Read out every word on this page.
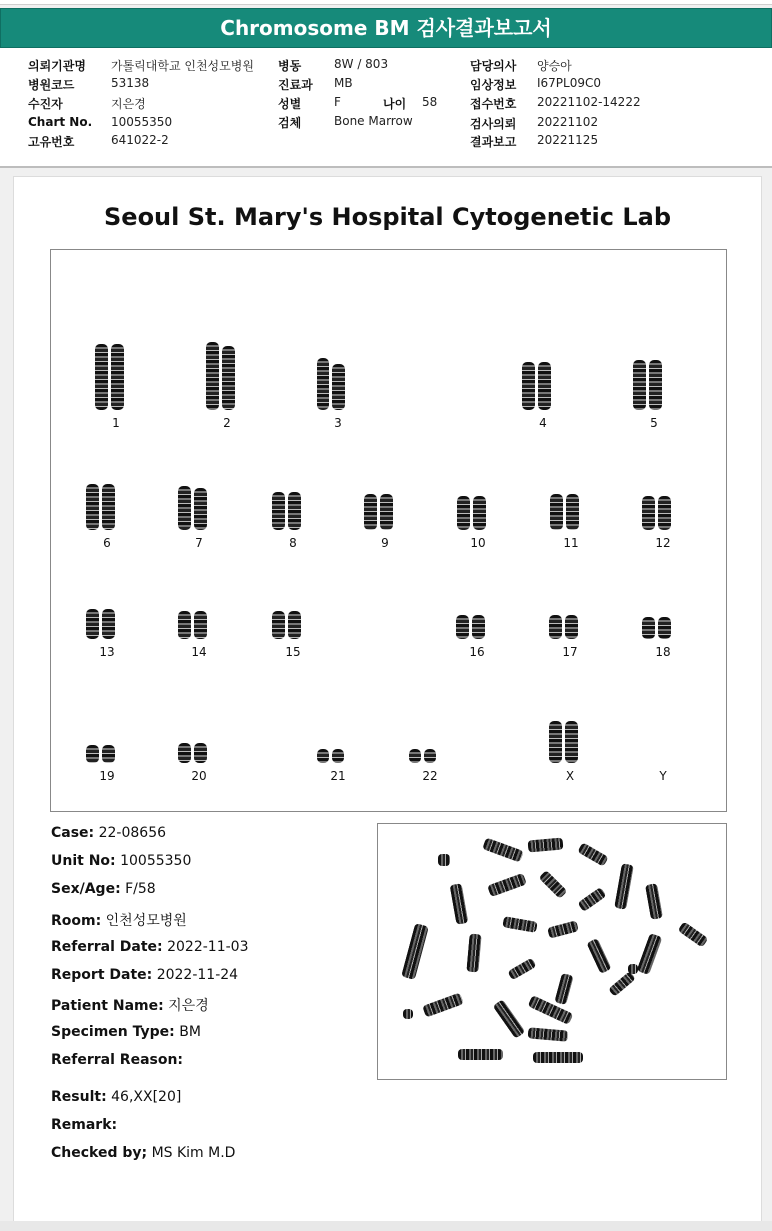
Chromosome BM 검사결과보고서
의뢰기관명 가톨릭대학교 인천성모병원
병원코드	53138
수진자	지은경
Chart No. 10055350
고유번호	641022-2
병동	8W / 803
진료과 MB
성별	F	나이 58
검체	Bone Marrow
담당의사 양승아
임상정보 I67PL09C0
접수번호 20221102-14222
검사의뢰 20221102
결과보고 20221125
Seoul St. Mary's Hospital Cytogenetic Lab
1	2	3	4	5
6	7	8	9	10	11	12
13	14	15	16	17	18
19	20	21	22	X	Y
Case: 22-08656
Unit No: 10055350
Sex/Age: F/58
Room: 인천성모병원
Referral Date: 2022-11-03
Report Date: 2022-11-24
Patient Name: 지은경
Specimen Type: BM
Referral Reason:
Result: 46,XX[20]
Remark:
Checked by; MS Kim M.D
